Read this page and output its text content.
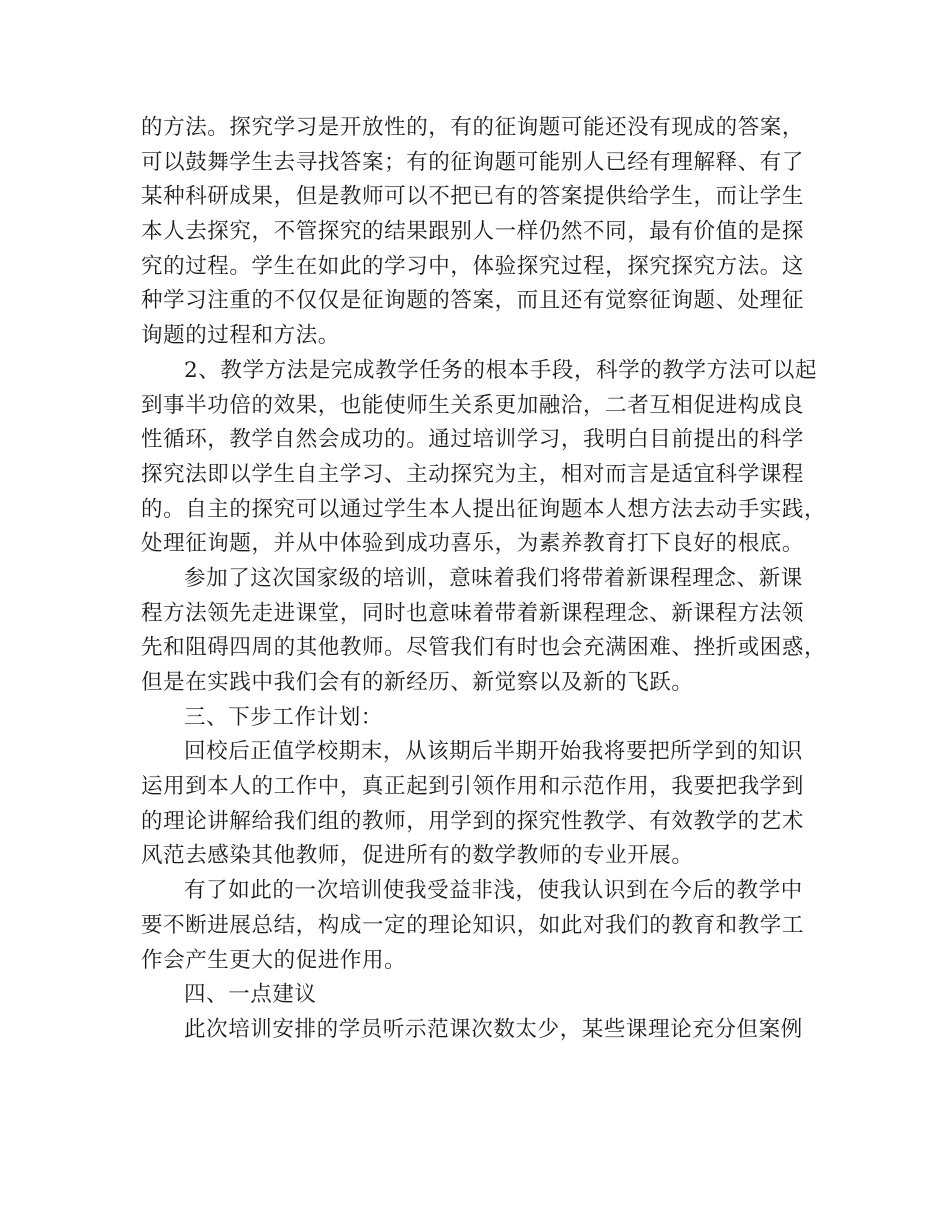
的方法。探究学习是开放性的，有的征询题可能还没有现成的答案，
可以鼓舞学生去寻找答案；有的征询题可能别人已经有理解释、有了
某种科研成果，但是教师可以不把已有的答案提供给学生，而让学生
本人去探究，不管探究的结果跟别人一样仍然不同，最有价值的是探
究的过程。学生在如此的学习中，体验探究过程，探究探究方法。这
种学习注重的不仅仅是征询题的答案，而且还有觉察征询题、处理征
询题的过程和方法。
2、教学方法是完成教学任务的根本手段，科学的教学方法可以起
到事半功倍的效果，也能使师生关系更加融洽，二者互相促进构成良
性循环，教学自然会成功的。通过培训学习，我明白目前提出的科学
探究法即以学生自主学习、主动探究为主，相对而言是适宜科学课程
的。自主的探究可以通过学生本人提出征询题本人想方法去动手实践，
处理征询题，并从中体验到成功喜乐，为素养教育打下良好的根底。
参加了这次国家级的培训，意味着我们将带着新课程理念、新课
程方法领先走进课堂，同时也意味着带着新课程理念、新课程方法领
先和阻碍四周的其他教师。尽管我们有时也会充满困难、挫折或困惑，
但是在实践中我们会有的新经历、新觉察以及新的飞跃。
三、下步工作计划：
回校后正值学校期末，从该期后半期开始我将要把所学到的知识
运用到本人的工作中，真正起到引领作用和示范作用，我要把我学到
的理论讲解给我们组的教师，用学到的探究性教学、有效教学的艺术
风范去感染其他教师，促进所有的数学教师的专业开展。
有了如此的一次培训使我受益非浅，使我认识到在今后的教学中
要不断进展总结，构成一定的理论知识，如此对我们的教育和教学工
作会产生更大的促进作用。
四、一点建议
此次培训安排的学员听示范课次数太少，某些课理论充分但案例
